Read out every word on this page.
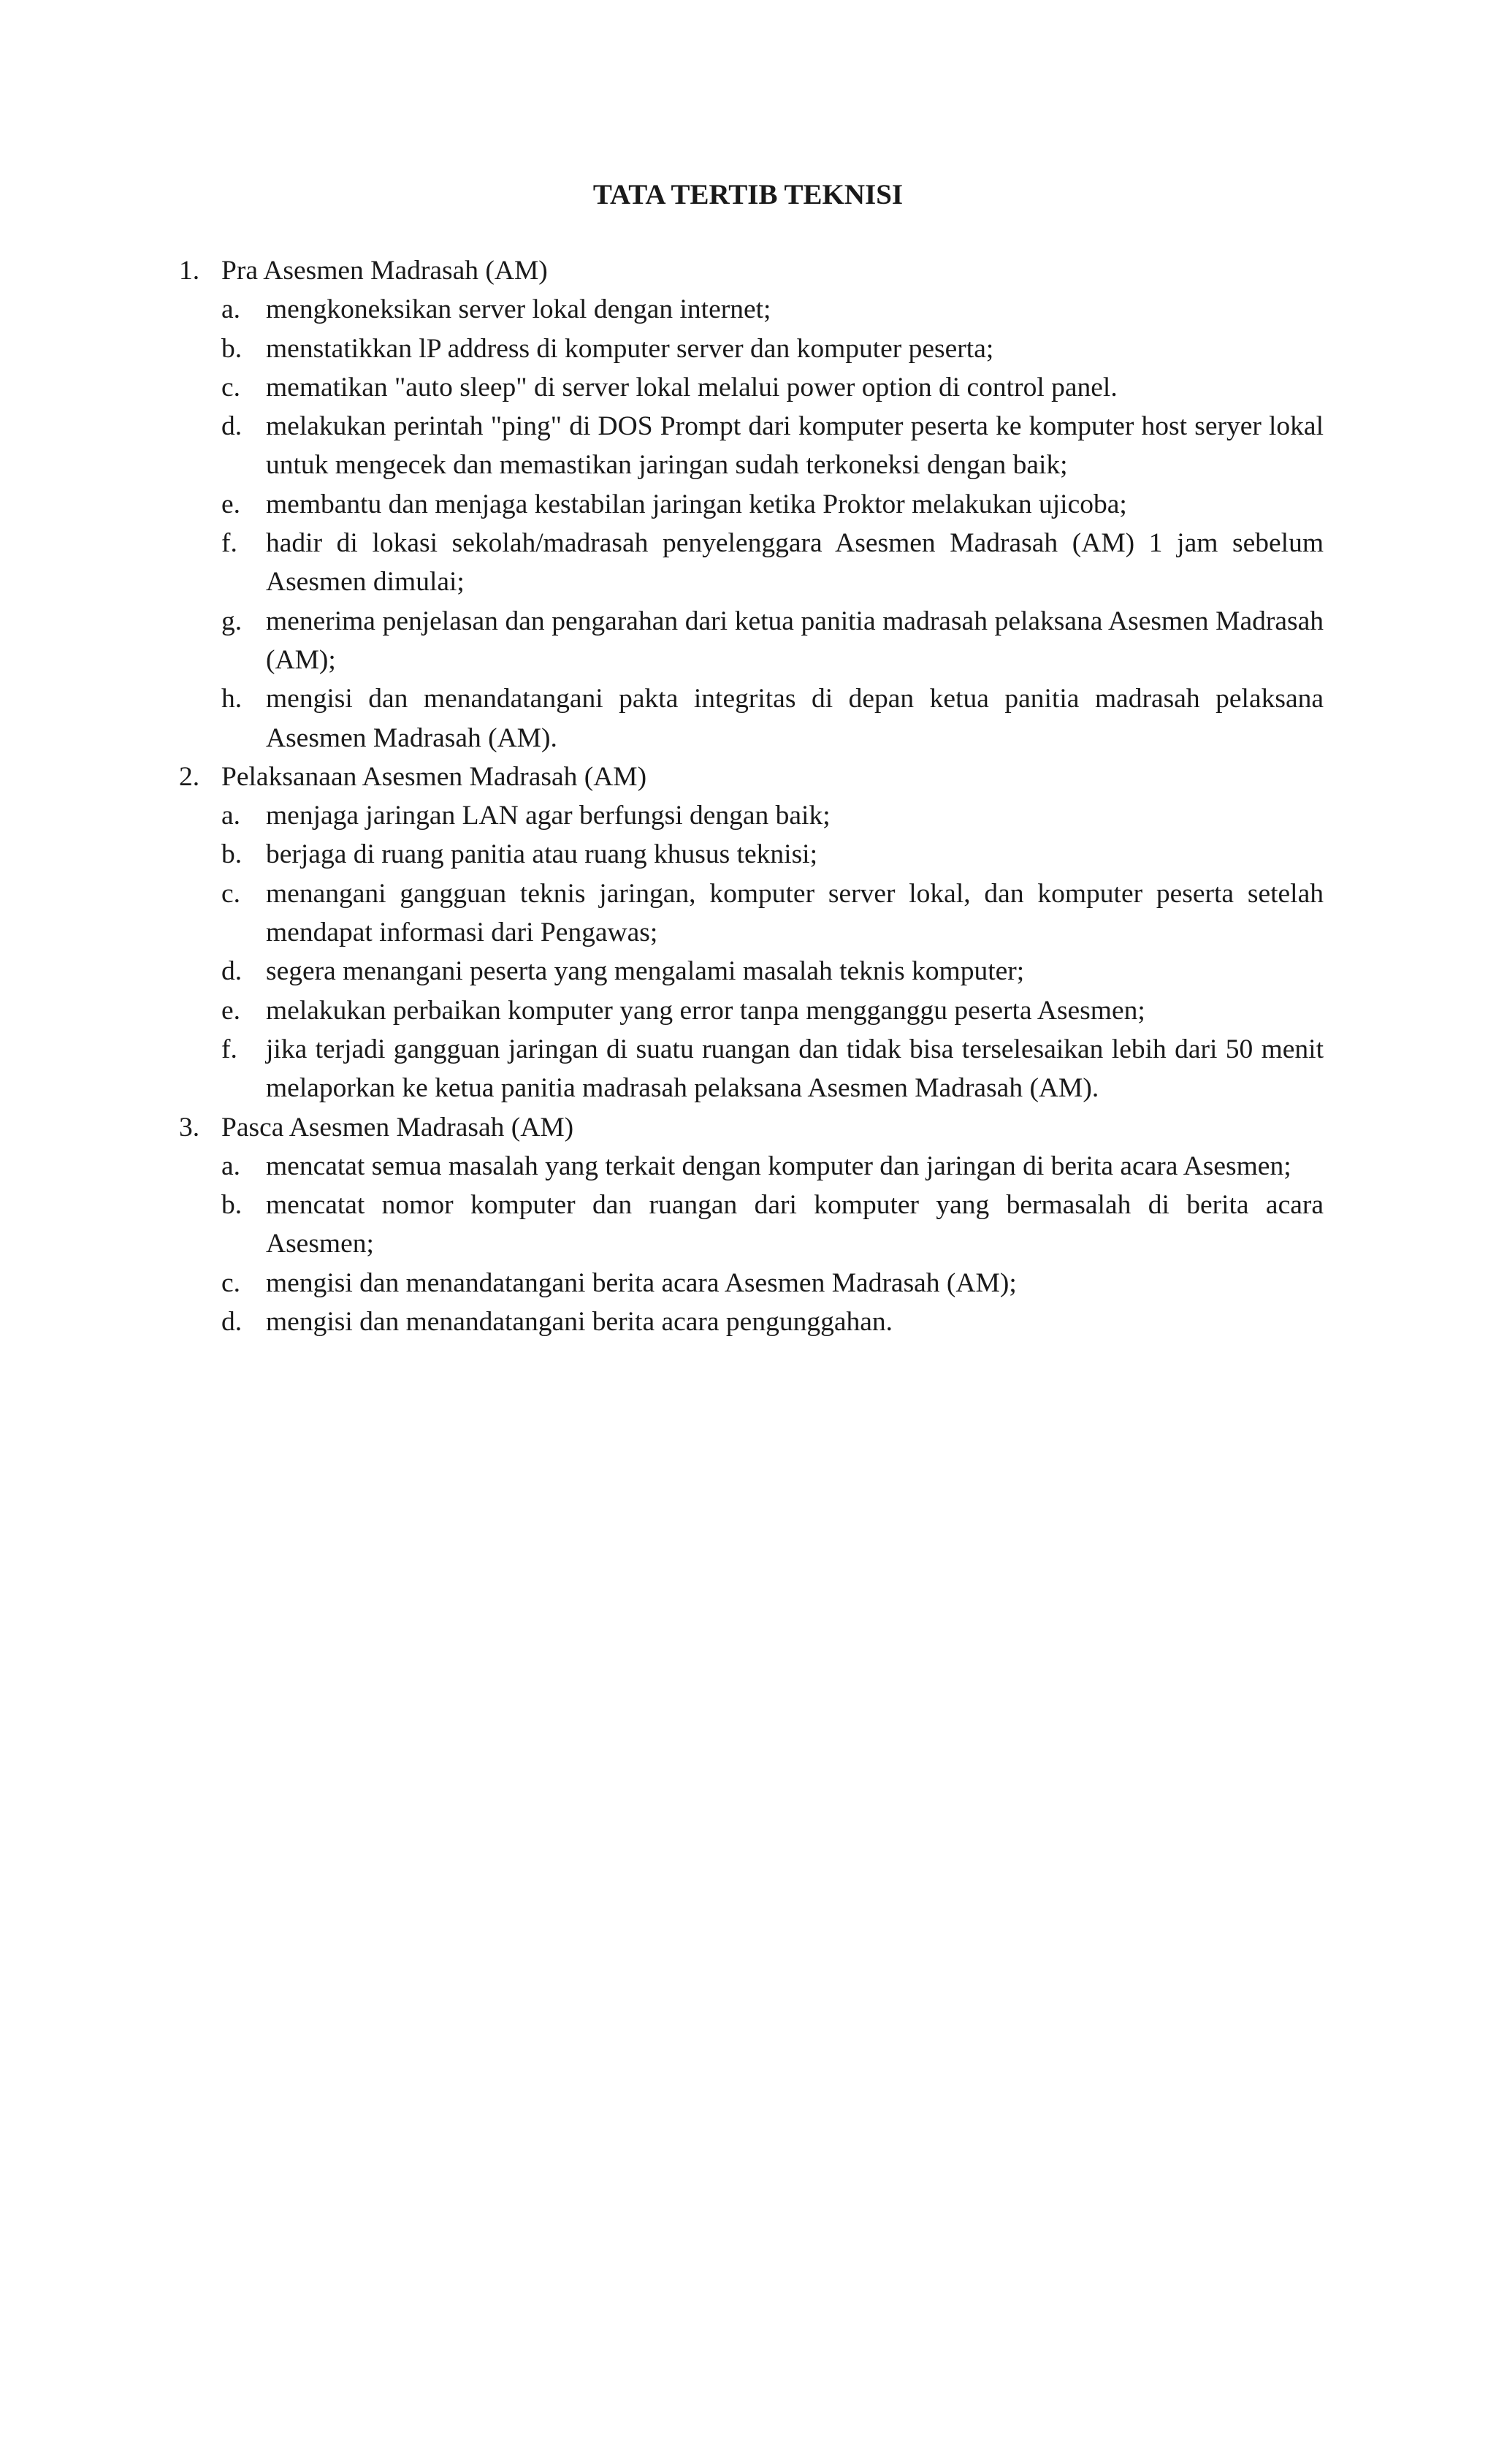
TATA TERTIB TEKNISI
1. Pra Asesmen Madrasah (AM)
a. mengkoneksikan server lokal dengan internet;
b. menstatikkan lP address di komputer server dan komputer peserta;
c. mematikan "auto sleep" di server lokal melalui power option di control panel.
d. melakukan perintah "ping" di DOS Prompt dari komputer peserta ke komputer host seryer lokal untuk mengecek dan memastikan jaringan sudah terkoneksi dengan baik;
e. membantu dan menjaga kestabilan jaringan ketika Proktor melakukan ujicoba;
f. hadir di lokasi sekolah/madrasah penyelenggara Asesmen Madrasah (AM) 1 jam sebelum Asesmen dimulai;
g. menerima penjelasan dan pengarahan dari ketua panitia madrasah pelaksana Asesmen Madrasah (AM);
h. mengisi dan menandatangani pakta integritas di depan ketua panitia madrasah pelaksana Asesmen Madrasah (AM).
2. Pelaksanaan Asesmen Madrasah (AM)
a. menjaga jaringan LAN agar berfungsi dengan baik;
b. berjaga di ruang panitia atau ruang khusus teknisi;
c. menangani gangguan teknis jaringan, komputer server lokal, dan komputer peserta setelah mendapat informasi dari Pengawas;
d. segera menangani peserta yang mengalami masalah teknis komputer;
e. melakukan perbaikan komputer yang error tanpa mengganggu peserta Asesmen;
f. jika terjadi gangguan jaringan di suatu ruangan dan tidak bisa terselesaikan lebih dari 50 menit melaporkan ke ketua panitia madrasah pelaksana Asesmen Madrasah (AM).
3. Pasca Asesmen Madrasah (AM)
a. mencatat semua masalah yang terkait dengan komputer dan jaringan di berita acara Asesmen;
b. mencatat nomor komputer dan ruangan dari komputer yang bermasalah di berita acara Asesmen;
c. mengisi dan menandatangani berita acara Asesmen Madrasah (AM);
d. mengisi dan menandatangani berita acara pengunggahan.
